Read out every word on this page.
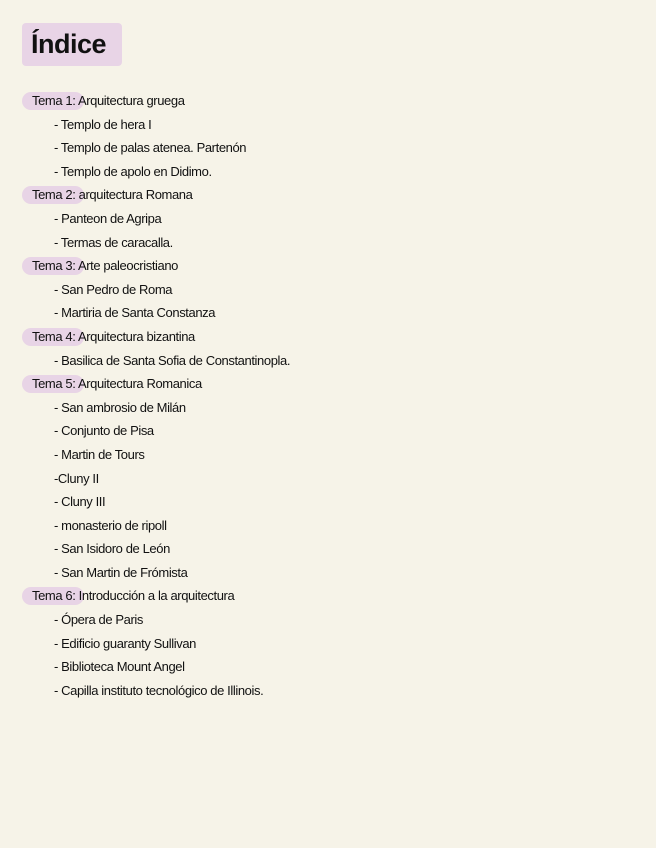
Índice
Tema 1: Arquitectura gruega
- Templo de hera I
- Templo de palas atenea. Partenón
- Templo de apolo en Didimo.
Tema 2: arquitectura Romana
- Panteon de Agripa
- Termas de caracalla.
Tema 3: Arte paleocristiano
- San Pedro de Roma
- Martiria de Santa Constanza
Tema 4: Arquitectura bizantina
- Basilica de Santa Sofia de Constantinopla.
Tema 5: Arquitectura Romanica
- San ambrosio de Milán
- Conjunto de Pisa
- Martin de Tours
-Cluny II
- Cluny III
- monasterio de ripoll
- San Isidoro de León
- San Martin de Frómista
Tema 6: Introducción a la arquitectura
- Ópera de Paris
- Edificio guaranty Sullivan
- Biblioteca Mount Angel
- Capilla instituto tecnológico de Illinois.
